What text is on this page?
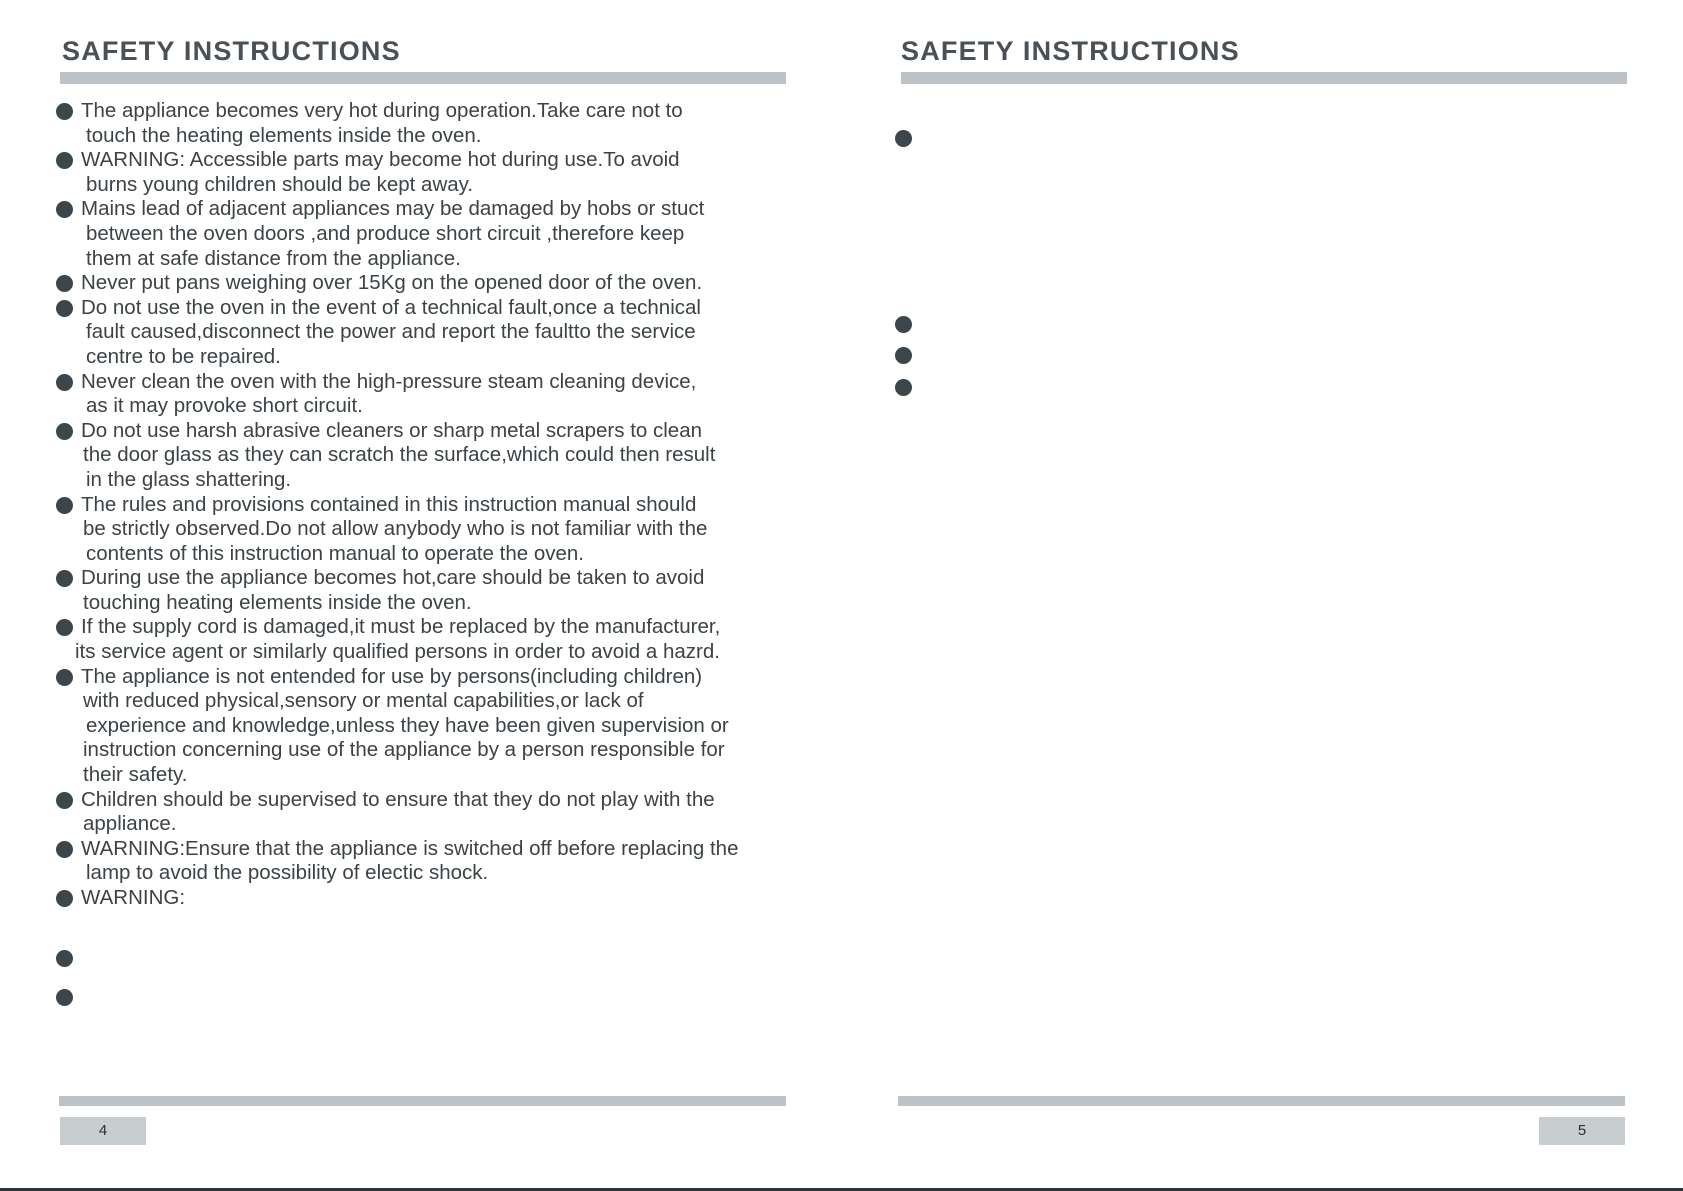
SAFETY INSTRUCTIONS
The appliance becomes very hot during operation.Take care not to
touch the heating elements inside the oven.
WARNING: Accessible parts may become hot during use.To avoid
burns young children should be kept away.
Mains lead of adjacent appliances may be damaged by hobs or stuct
between the oven doors ,and produce short circuit ,therefore keep
them at safe distance from the appliance.
Never put pans weighing over 15Kg on the opened door of the oven.
Do not use the oven in the event of a technical fault,once a technical
fault caused,disconnect the power and report the faultto the service
centre to be repaired.
Never clean the oven with the high-pressure steam cleaning device,
as it may provoke short circuit.
Do not use harsh abrasive cleaners or sharp metal scrapers to clean
the door glass as they can scratch the surface,which could then result
in the glass shattering.
The rules and provisions contained in this instruction manual should
be strictly observed.Do not allow anybody who is not familiar with the
contents of this instruction manual to operate the oven.
During use the appliance becomes hot,care should be taken to avoid
touching heating elements inside the oven.
If the supply cord is damaged,it must be replaced by the manufacturer,
its service agent or similarly qualified persons in order to avoid a hazrd.
The appliance is not entended for use by persons(including children)
with reduced physical,sensory or mental capabilities,or lack of
experience and knowledge,unless they have been given supervision or
instruction concerning use of the appliance by a person responsible for
their safety.
Children should be supervised to ensure that they do not play with the
appliance.
WARNING:Ensure that the appliance is switched off before replacing the
lamp to avoid the possibility of electic shock.
WARNING:
4
SAFETY INSTRUCTIONS
5
